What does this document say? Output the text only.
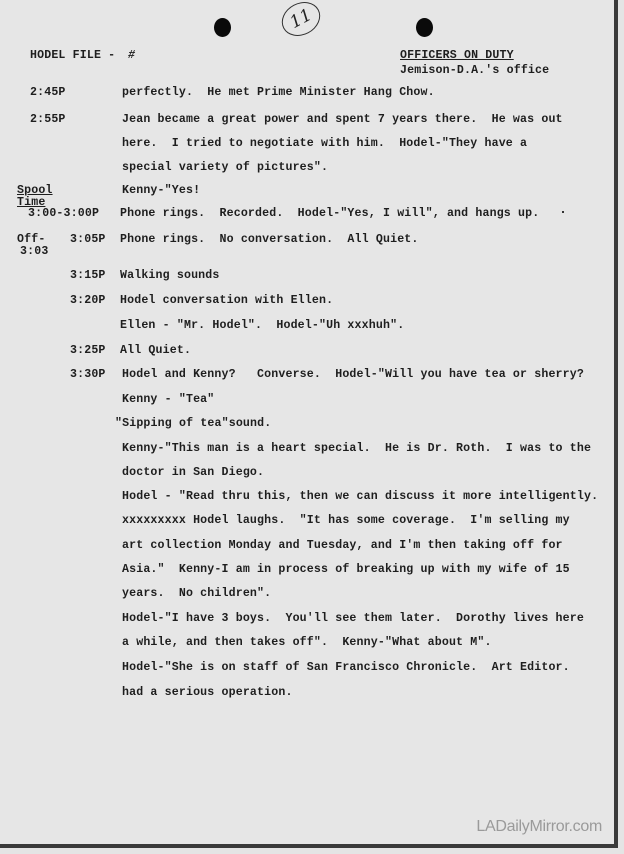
11
HODEL FILE - #	OFFICERS ON DUTY
Jemison-D.A.'s office
2:45P	perfectly.  He met Prime Minister Hang Chow.
2:55P	Jean became a great power and spent 7 years there.  He was out
here.  I tried to negotiate with him.  Hodel-"They have a
special variety of pictures".
Spool
Time
Kenny-"Yes!
3:00-3:00P Phone rings.  Recorded.  Hodel-"Yes, I will", and hangs up.
Off-
3:03
3:05P Phone rings.  No conversation.  All Quiet.
3:15P Walking sounds
3:20P Hodel conversation with Ellen.
Ellen - "Mr. Hodel".  Hodel-"Uh xxxhuh".
3:25P All Quiet.
3:30P Hodel and Kenny?   Converse.  Hodel-"Will you have tea or sherry?
Kenny - "Tea"
"Sipping of tea"sound.
Kenny-"This man is a heart special.  He is Dr. Roth.  I was to the
doctor in San Diego.
Hodel - "Read thru this, then we can discuss it more intelligently.
xxxxxxxxx Hodel laughs.  "It has some coverage.  I'm selling my
art collection Monday and Tuesday, and I'm then taking off for
Asia."  Kenny-I am in process of breaking up with my wife of 15
years.  No children".
Hodel-"I have 3 boys.  You'll see them later.  Dorothy lives here
a while, and then takes off".  Kenny-"What about M".
Hodel-"She is on staff of San Francisco Chronicle.  Art Editor.
had a serious operation.
LADailyMirror.com
